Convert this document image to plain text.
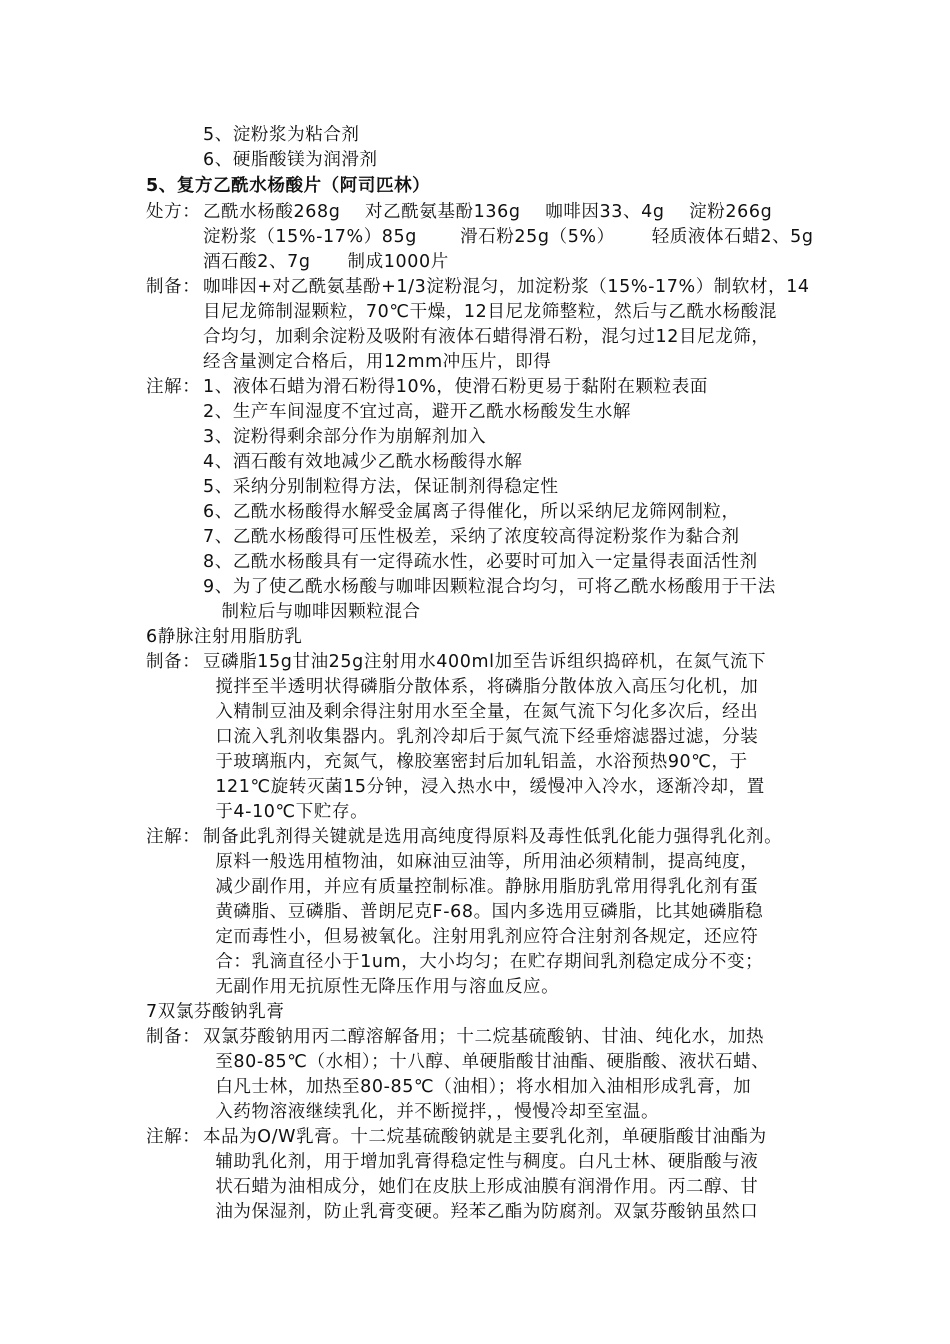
5、淀粉浆为粘合剂
6、硬脂酸镁为润滑剂
5、复方乙酰水杨酸片（阿司匹林）
处方： 乙酰水杨酸268g    对乙酰氨基酚136g    咖啡因33、4g    淀粉266g
淀粉浆（15%-17%）85g       滑石粉25g（5%）      轻质液体石蜡2、5g
酒石酸2、7g      制成1000片
制备： 咖啡因+对乙酰氨基酚+1/3淀粉混匀，加淀粉浆（15%-17%）制软材，14
目尼龙筛制湿颗粒，70℃干燥，12目尼龙筛整粒，然后与乙酰水杨酸混
合均匀，加剩余淀粉及吸附有液体石蜡得滑石粉，混匀过12目尼龙筛，
经含量测定合格后，用12mm冲压片，即得
注解： 1、液体石蜡为滑石粉得10%，使滑石粉更易于黏附在颗粒表面
2、生产车间湿度不宜过高，避开乙酰水杨酸发生水解
3、淀粉得剩余部分作为崩解剂加入
4、酒石酸有效地减少乙酰水杨酸得水解
5、采纳分别制粒得方法，保证制剂得稳定性
6、乙酰水杨酸得水解受金属离子得催化，所以采纳尼龙筛网制粒，
7、乙酰水杨酸得可压性极差，采纳了浓度较高得淀粉浆作为黏合剂
8、乙酰水杨酸具有一定得疏水性，必要时可加入一定量得表面活性剂
9、为了使乙酰水杨酸与咖啡因颗粒混合均匀，可将乙酰水杨酸用于干法
制粒后与咖啡因颗粒混合
6静脉注射用脂肪乳
制备： 豆磷脂15g甘油25g注射用水400ml加至告诉组织捣碎机，在氮气流下
搅拌至半透明状得磷脂分散体系，将磷脂分散体放入高压匀化机，加
入精制豆油及剩余得注射用水至全量，在氮气流下匀化多次后，经出
口流入乳剂收集器内。乳剂冷却后于氮气流下经垂熔滤器过滤，分装
于玻璃瓶内，充氮气，橡胶塞密封后加轧铝盖，水浴预热90℃，于
121℃旋转灭菌15分钟，浸入热水中，缓慢冲入冷水，逐渐冷却，置
于4-10℃下贮存。
注解： 制备此乳剂得关键就是选用高纯度得原料及毒性低乳化能力强得乳化剂。
原料一般选用植物油，如麻油豆油等，所用油必须精制，提高纯度，
减少副作用，并应有质量控制标准。静脉用脂肪乳常用得乳化剂有蛋
黄磷脂、豆磷脂、普朗尼克F-68。国内多选用豆磷脂，比其她磷脂稳
定而毒性小，但易被氧化。注射用乳剂应符合注射剂各规定，还应符
合：乳滴直径小于1um，大小均匀；在贮存期间乳剂稳定成分不变；
无副作用无抗原性无降压作用与溶血反应。
7双氯芬酸钠乳膏
制备： 双氯芬酸钠用丙二醇溶解备用；十二烷基硫酸钠、甘油、纯化水，加热
至80-85℃（水相）；十八醇、单硬脂酸甘油酯、硬脂酸、液状石蜡、
白凡士林，加热至80-85℃（油相）；将水相加入油相形成乳膏，加
入药物溶液继续乳化，并不断搅拌，，慢慢冷却至室温。
注解： 本品为O/W乳膏。十二烷基硫酸钠就是主要乳化剂，单硬脂酸甘油酯为
辅助乳化剂，用于增加乳膏得稳定性与稠度。白凡士林、硬脂酸与液
状石蜡为油相成分，她们在皮肤上形成油膜有润滑作用。丙二醇、甘
油为保湿剂，防止乳膏变硬。羟苯乙酯为防腐剂。双氯芬酸钠虽然口
